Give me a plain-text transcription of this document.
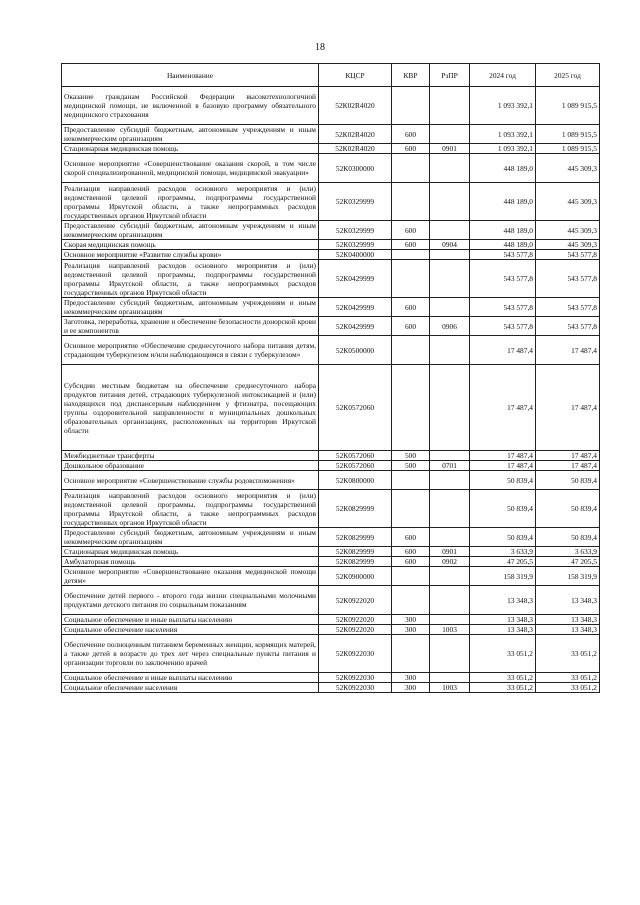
18
Наименование	КЦСР	КВР	РзПР	2024 год	2025 год
Оказание гражданам Российской Федерации высокотехнологичной медицинской помощи, не включенной в базовую программу обязательного медицинского страхования	52К02R4020			1 093 392,1	1 089 915,5
Предоставление субсидий бюджетным, автономным учреждениям и иным некоммерческим организациям	52К02R4020	600		1 093 392,1	1 089 915,5
Стационарная медицинская помощь	52К02R4020	600	0901	1 093 392,1	1 089 915,5
Основное мероприятие «Совершенствование оказания скорой, в том числе скорой специализированной, медицинской помощи, медицинской эвакуации»	52К0300000			448 189,0	445 309,3
Реализация направлений расходов основного мероприятия и (или) ведомственной целевой программы, подпрограммы государственной программы Иркутской области, а также непрограммных расходов государственных органов Иркутской области	52К0329999			448 189,0	445 309,3
Предоставление субсидий бюджетным, автономным учреждениям и иным некоммерческим организациям	52К0329999	600		448 189,0	445 309,3
Скорая медицинская помощь	52К0329999	600	0904	448 189,0	445 309,3
Основное мероприятие «Развитие службы крови»	52К0400000			543 577,8	543 577,8
Реализация направлений расходов основного мероприятия и (или) ведомственной целевой программы, подпрограммы государственной программы Иркутской области, а также непрограммных расходов государственных органов Иркутской области	52К0429999			543 577,8	543 577,8
Предоставление субсидий бюджетным, автономным учреждениям и иным некоммерческим организациям	52К0429999	600		543 577,8	543 577,8
Заготовка, переработка, хранение и обеспечение безопасности донорской крови и ее компонентов	52К0429999	600	0906	543 577,8	543 577,8
Основное мероприятие «Обеспечение среднесуточного набора питания детям, страдающим туберкулезом и/или наблюдающимся в связи с туберкулезом»	52К0500000			17 487,4	17 487,4
Субсидии местным бюджетам на обеспечение среднесуточного набора продуктов питания детей, страдающих туберкулезной интоксикацией и (или) находящихся под диспансерным наблюдением у фтизиатра, посещающих группы оздоровительной направленности в муниципальных дошкольных образовательных организациях, расположенных на территории Иркутской области	52К0572060			17 487,4	17 487,4
Межбюджетные трансферты	52К0572060	500		17 487,4	17 487,4
Дошкольное образование	52К0572060	500	0701	17 487,4	17 487,4
Основное мероприятие «Совершенствование службы родовспоможения»	52К0800000			50 839,4	50 839,4
Реализация направлений расходов основного мероприятия и (или) ведомственной целевой программы, подпрограммы государственной программы Иркутской области, а также непрограммных расходов государственных органов Иркутской области	52К0829999			50 839,4	50 839,4
Предоставление субсидий бюджетным, автономным учреждениям и иным некоммерческим организациям	52К0829999	600		50 839,4	50 839,4
Стационарная медицинская помощь	52К0829999	600	0901	3 633,9	3 633,9
Амбулаторная помощь	52К0829999	600	0902	47 205,5	47 205,5
Основное мероприятие «Совершенствование оказания медицинской помощи детям»	52К0900000			158 319,9	158 319,9
Обеспечение детей первого - второго года жизни специальными молочными продуктами детского питания по социальным показаниям	52К0922020			13 348,3	13 348,3
Социальное обеспечение и иные выплаты населению	52К0922020	300		13 348,3	13 348,3
Социальное обеспечение населения	52К0922020	300	1003	13 348,3	13 348,3
Обеспечение полноценным питанием беременных женщин, кормящих матерей, а также детей в возрасте до трех лет через специальные пункты питания и организации торговли по заключению врачей	52К0922030			33 051,2	33 051,2
Социальное обеспечение и иные выплаты населению	52К0922030	300		33 051,2	33 051,2
Социальное обеспечение населения	52К0922030	300	1003	33 051,2	33 051,2
